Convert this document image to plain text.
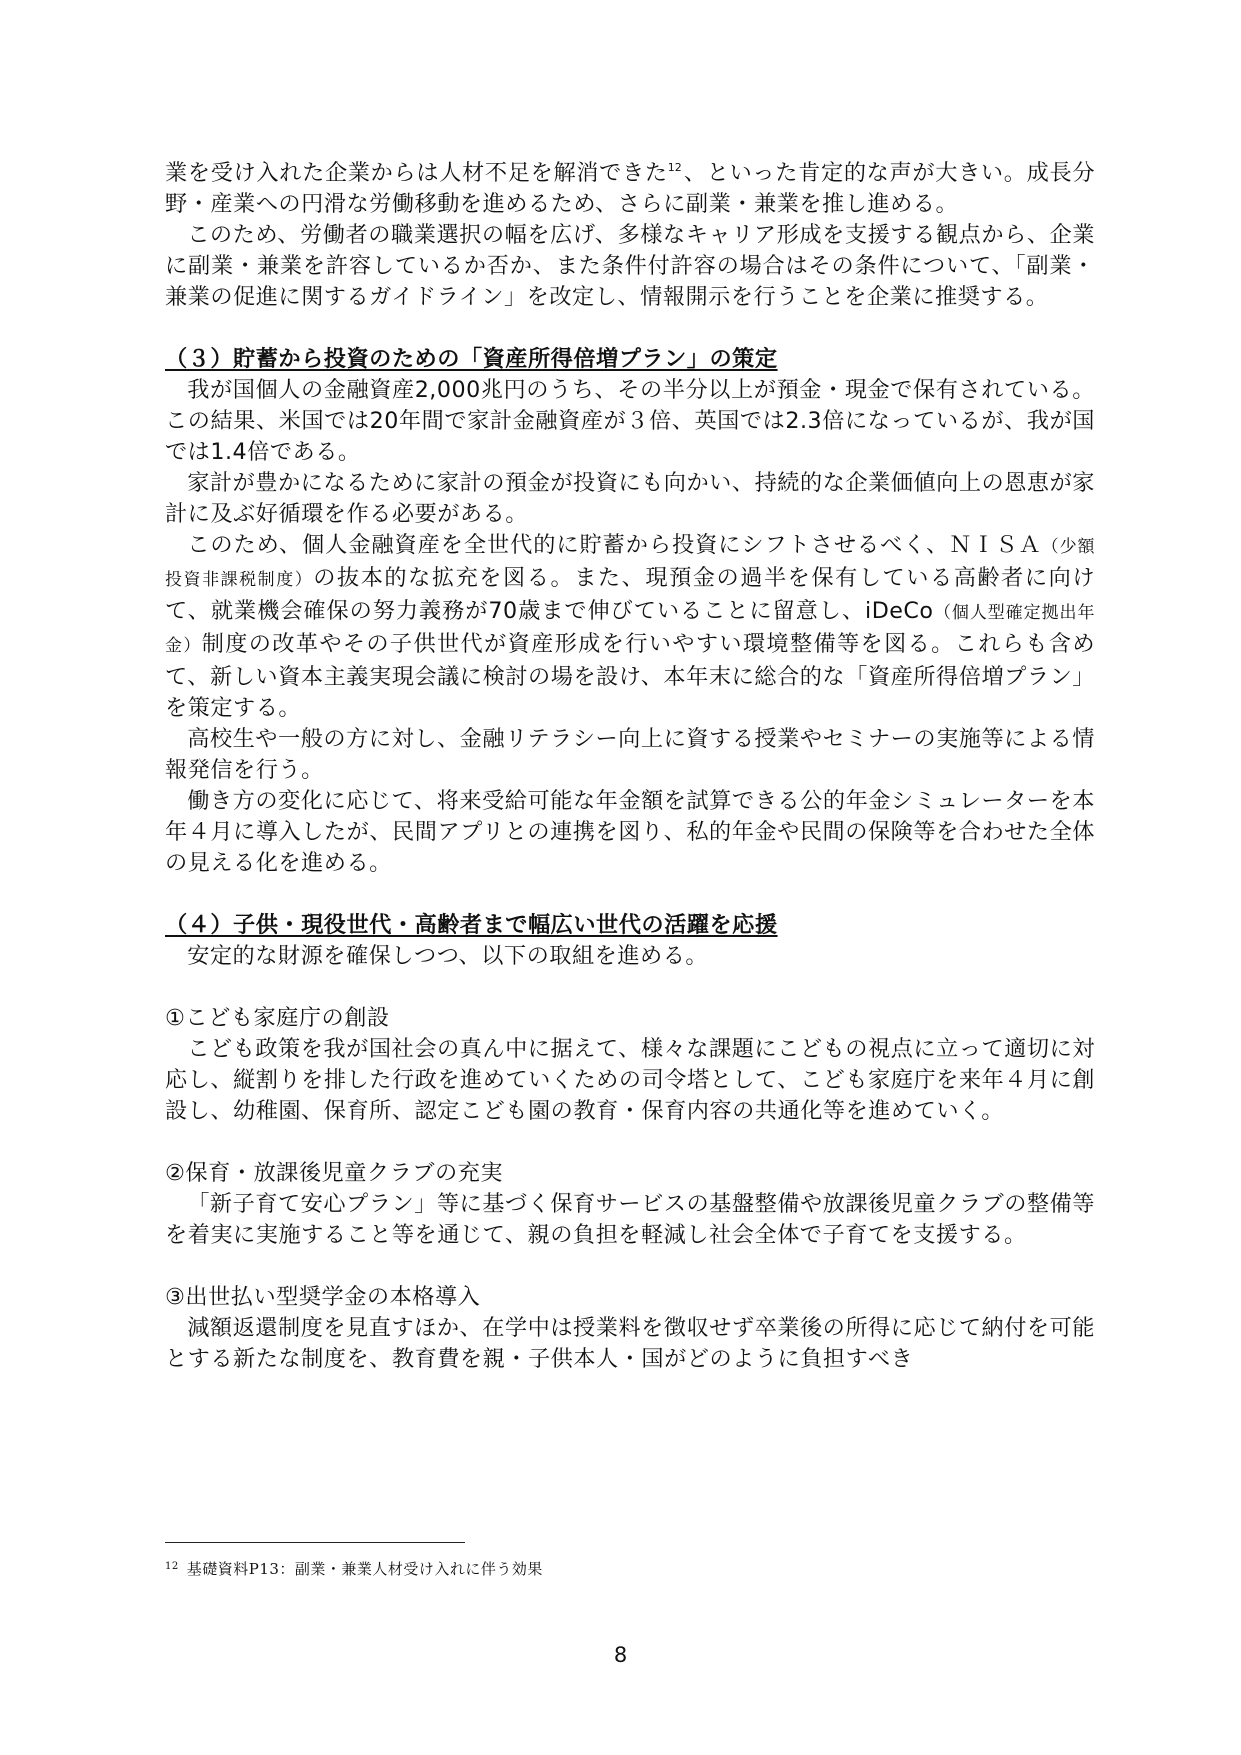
業を受け入れた企業からは人材不足を解消できた$^{12}$、といった肯定的な声が大きい。成長分野・産業への円滑な労働移動を進めるため、さらに副業・兼業を推し進める。

このため、労働者の職業選択の幅を広げ、多様なキャリア形成を支援する観点から、企業に副業・兼業を許容しているか否か、また条件付許容の場合はその条件について、「副業・兼業の促進に関するガイドライン」を改定し、情報開示を行うことを企業に推奨する。

（３）貯蓄から投資のための「資産所得倍増プラン」の策定

我が国個人の金融資産2,000兆円のうち、その半分以上が預金・現金で保有されている。この結果、米国では20年間で家計金融資産が３倍、英国では2.3倍になっているが、我が国では1.4倍である。

家計が豊かになるために家計の預金が投資にも向かい、持続的な企業価値向上の恩恵が家計に及ぶ好循環を作る必要がある。

このため、個人金融資産を全世代的に貯蓄から投資にシフトさせるべく、ＮＩＳＡ（少額投資非課税制度）の抜本的な拡充を図る。また、現預金の過半を保有している高齢者に向けて、就業機会確保の努力義務が70歳まで伸びていることに留意し、iDeCo（個人型確定拠出年金）制度の改革やその子供世代が資産形成を行いやすい環境整備等を図る。これらも含めて、新しい資本主義実現会議に検討の場を設け、本年末に総合的な「資産所得倍増プラン」を策定する。

高校生や一般の方に対し、金融リテラシー向上に資する授業やセミナーの実施等による情報発信を行う。

働き方の変化に応じて、将来受給可能な年金額を試算できる公的年金シミュレーターを本年４月に導入したが、民間アプリとの連携を図り、私的年金や民間の保険等を合わせた全体の見える化を進める。

（４）子供・現役世代・高齢者まで幅広い世代の活躍を応援

安定的な財源を確保しつつ、以下の取組を進める。

①こども家庭庁の創設

こども政策を我が国社会の真ん中に据えて、様々な課題にこどもの視点に立って適切に対応し、縦割りを排した行政を進めていくための司令塔として、こども家庭庁を来年４月に創設し、幼稚園、保育所、認定こども園の教育・保育内容の共通化等を進めていく。

②保育・放課後児童クラブの充実

「新子育て安心プラン」等に基づく保育サービスの基盤整備や放課後児童クラブの整備等を着実に実施すること等を通じて、親の負担を軽減し社会全体で子育てを支援する。

③出世払い型奨学金の本格導入

減額返還制度を見直すほか、在学中は授業料を徴収せず卒業後の所得に応じて納付を可能とする新たな制度を、教育費を親・子供本人・国がどのように負担すべき

$^{12}$ 基礎資料P13：副業・兼業人材受け入れに伴う効果
8
